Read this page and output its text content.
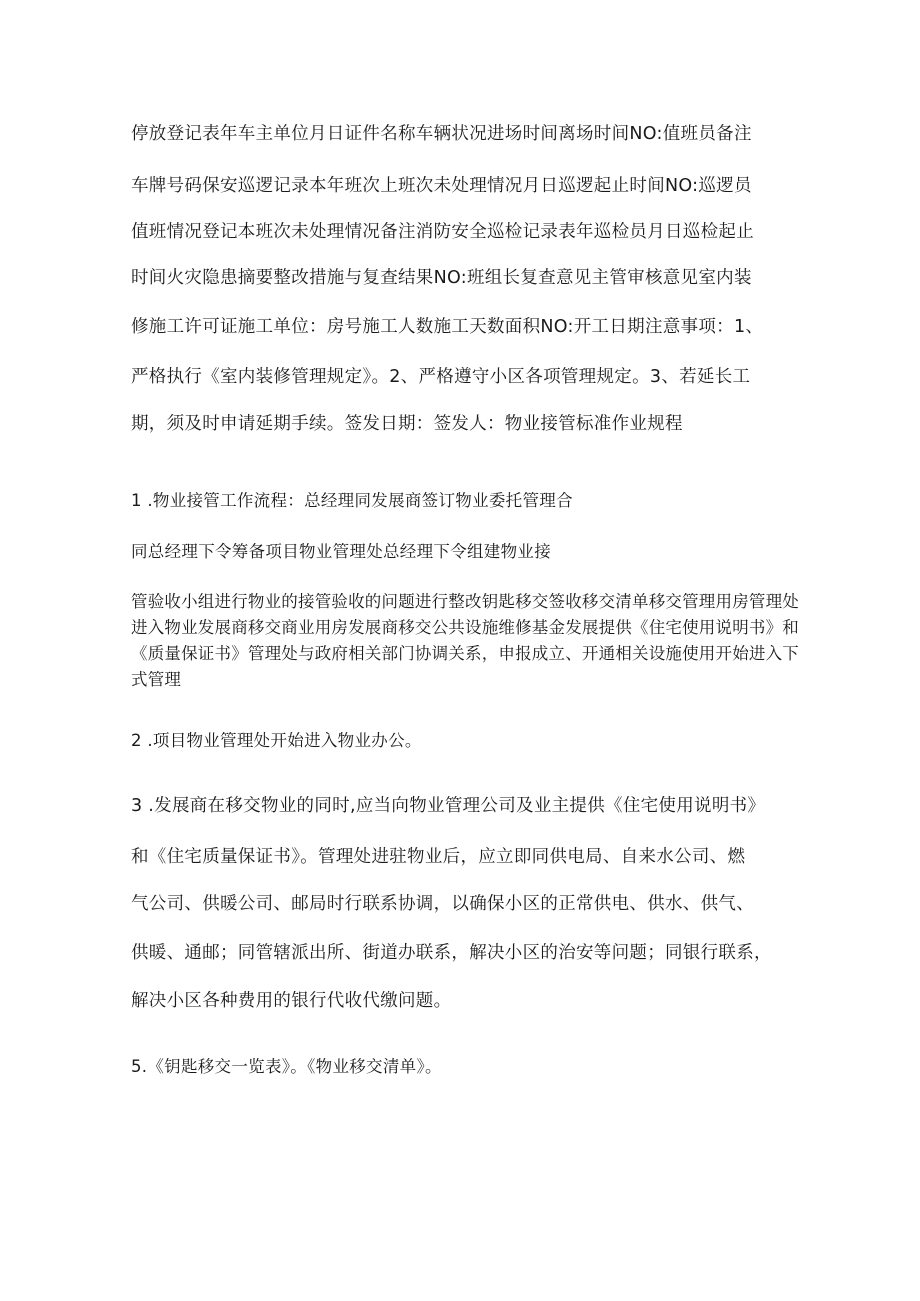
停放登记表年车主单位月日证件名称车辆状况进场时间离场时间NO:值班员备注
车牌号码保安巡逻记录本年班次上班次未处理情况月日巡逻起止时间NO:巡逻员
值班情况登记本班次未处理情况备注消防安全巡检记录表年巡检员月日巡检起止
时间火灾隐患摘要整改措施与复查结果NO:班组长复查意见主管审核意见室内装
修施工许可证施工单位：房号施工人数施工天数面积NO:开工日期注意事项：1、
严格执行《室内装修管理规定》。2、严格遵守小区各项管理规定。3、若延长工
期，须及时申请延期手续。签发日期：签发人：物业接管标准作业规程
1 .物业接管工作流程：总经理同发展商签订物业委托管理合
同总经理下令筹备项目物业管理处总经理下令组建物业接
管验收小组进行物业的接管验收的问题进行整改钥匙移交签收移交清单移交管理用房管理处进入物业发展商移交商业用房发展商移交公共设施维修基金发展提供《住宅使用说明书》和《质量保证书》管理处与政府相关部门协调关系，申报成立、开通相关设施使用开始进入下式管理
2 .项目物业管理处开始进入物业办公。
3 .发展商在移交物业的同时,应当向物业管理公司及业主提供《住宅使用说明书》
和《住宅质量保证书》。管理处进驻物业后，应立即同供电局、自来水公司、燃
气公司、供暖公司、邮局时行联系协调，以确保小区的正常供电、供水、供气、
供暖、通邮；同管辖派出所、街道办联系，解决小区的治安等问题；同银行联系，
解决小区各种费用的银行代收代缴问题。
5.《钥匙移交一览表》。《物业移交清单》。
